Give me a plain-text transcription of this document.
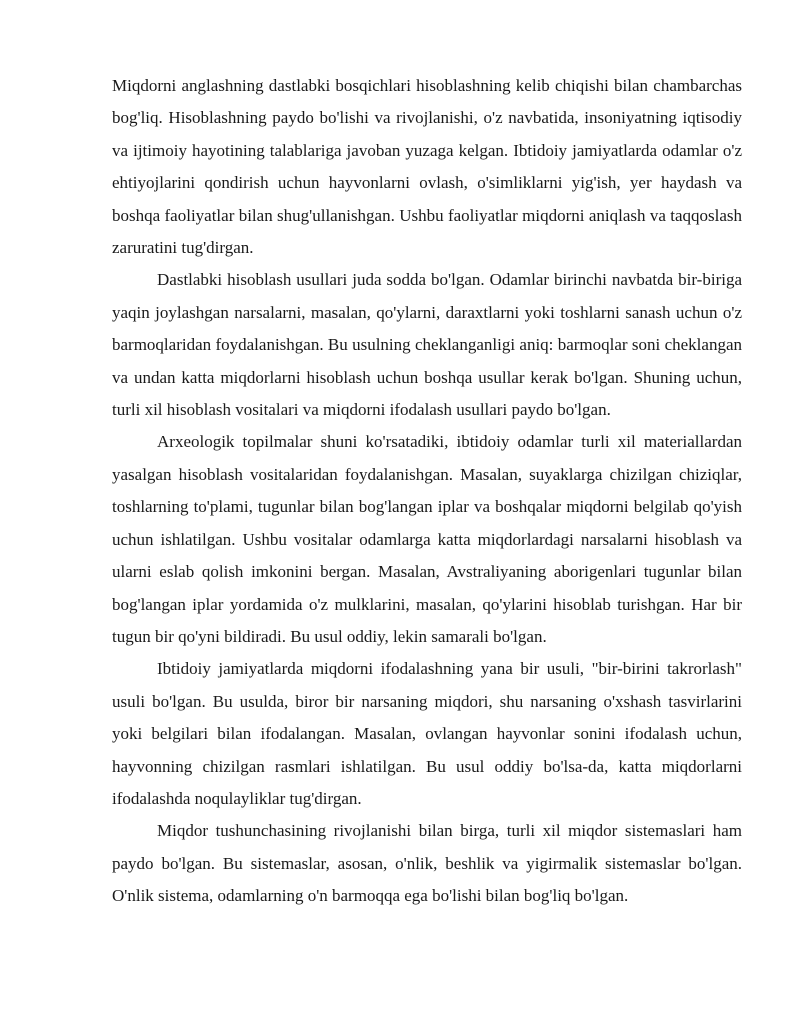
Miqdorni anglashning dastlabki bosqichlari hisoblashning kelib chiqishi bilan chambarchas bog'liq. Hisoblashning paydo bo'lishi va rivojlanishi, o'z navbatida, insoniyatning iqtisodiy va ijtimoiy hayotining talablariga javoban yuzaga kelgan. Ibtidoiy jamiyatlarda odamlar o'z ehtiyojlarini qondirish uchun hayvonlarni ovlash, o'simliklarni yig'ish, yer haydash va boshqa faoliyatlar bilan shug'ullanishgan. Ushbu faoliyatlar miqdorni aniqlash va taqqoslash zaruratini tug'dirgan.

Dastlabki hisoblash usullari juda sodda bo'lgan. Odamlar birinchi navbatda bir-biriga yaqin joylashgan narsalarni, masalan, qo'ylarni, daraxtlarni yoki toshlarni sanash uchun o'z barmoqlaridan foydalanishgan. Bu usulning cheklanganligi aniq: barmoqlar soni cheklangan va undan katta miqdorlarni hisoblash uchun boshqa usullar kerak bo'lgan. Shuning uchun, turli xil hisoblash vositalari va miqdorni ifodalash usullari paydo bo'lgan.

Arxeologik topilmalar shuni ko'rsatadiki, ibtidoiy odamlar turli xil materiallardan yasalgan hisoblash vositalaridan foydalanishgan. Masalan, suyaklarga chizilgan chiziqlar, toshlarning to'plami, tugunlar bilan bog'langan iplar va boshqalar miqdorni belgilab qo'yish uchun ishlatilgan. Ushbu vositalar odamlarga katta miqdorlardagi narsalarni hisoblash va ularni eslab qolish imkonini bergan. Masalan, Avstraliyaning aborigenlari tugunlar bilan bog'langan iplar yordamida o'z mulklarini, masalan, qo'ylarini hisoblab turishgan. Har bir tugun bir qo'yni bildiradi. Bu usul oddiy, lekin samarali bo'lgan.

Ibtidoiy jamiyatlarda miqdorni ifodalashning yana bir usuli, "bir-birini takrorlash" usuli bo'lgan. Bu usulda, biror bir narsaning miqdori, shu narsaning o'xshash tasvirlarini yoki belgilari bilan ifodalangan. Masalan, ovlangan hayvonlar sonini ifodalash uchun, hayvonning chizilgan rasmlari ishlatilgan. Bu usul oddiy bo'lsa-da, katta miqdorlarni ifodalashda noqulayliklar tug'dirgan.

Miqdor tushunchasining rivojlanishi bilan birga, turli xil miqdor sistemaslari ham paydo bo'lgan. Bu sistemaslar, asosan, o'nlik, beshlik va yigirmalik sistemaslar bo'lgan. O'nlik sistema, odamlarning o'n barmoqqa ega bo'lishi bilan bog'liq bo'lgan.
